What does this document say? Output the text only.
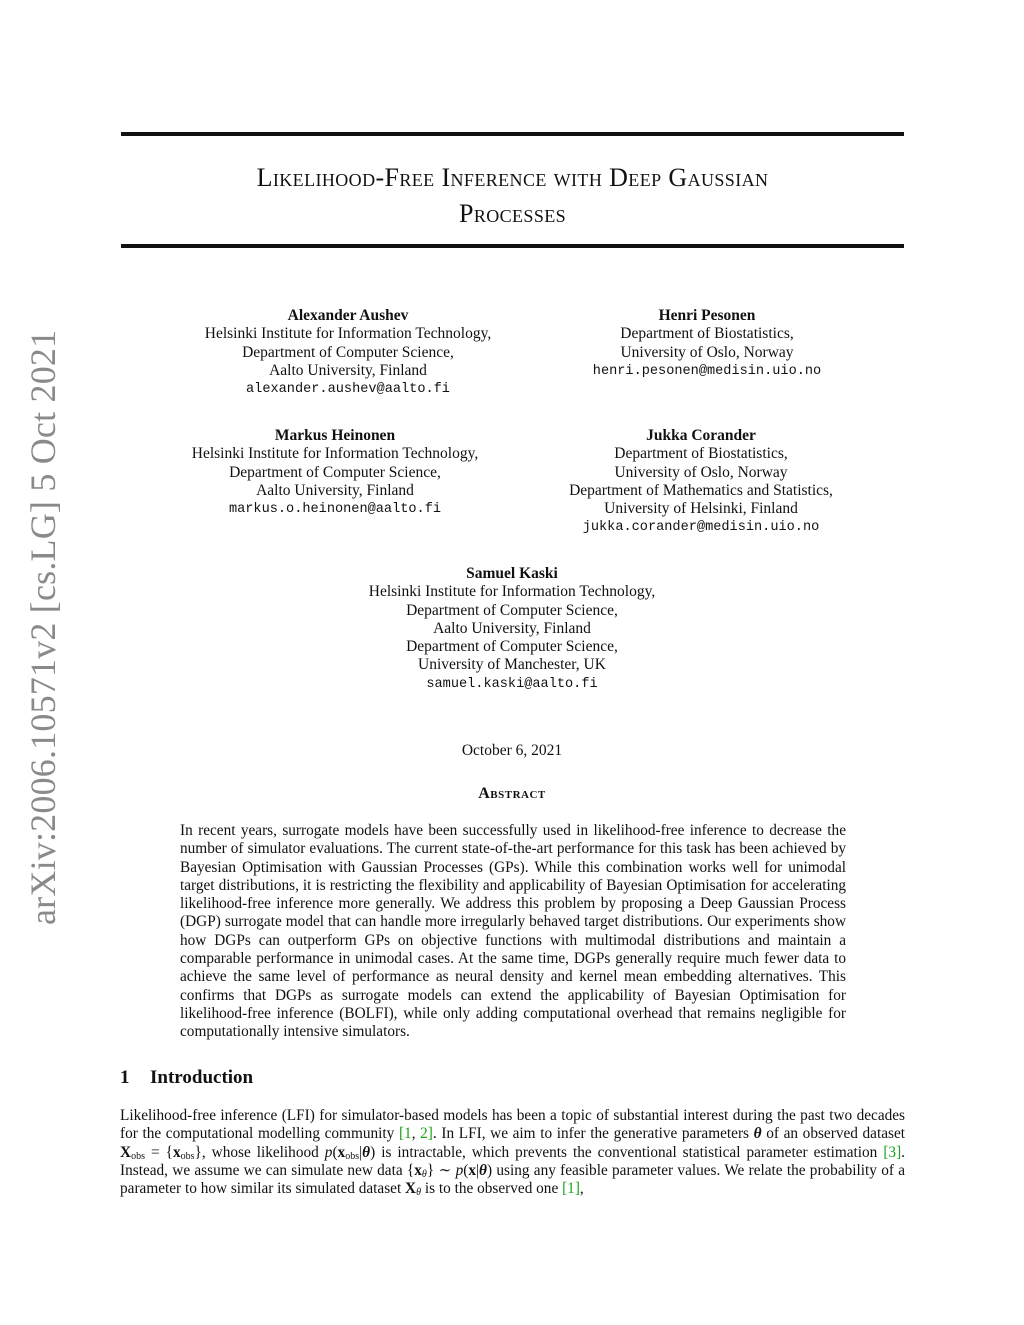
arXiv:2006.10571v2 [cs.LG] 5 Oct 2021
Likelihood-Free Inference with Deep Gaussian
Processes
Alexander Aushev
Helsinki Institute for Information Technology,
Department of Computer Science,
Aalto University, Finland
alexander.aushev@aalto.fi
Henri Pesonen
Department of Biostatistics,
University of Oslo, Norway
henri.pesonen@medisin.uio.no
Markus Heinonen
Helsinki Institute for Information Technology,
Department of Computer Science,
Aalto University, Finland
markus.o.heinonen@aalto.fi
Jukka Corander
Department of Biostatistics,
University of Oslo, Norway
Department of Mathematics and Statistics,
University of Helsinki, Finland
jukka.corander@medisin.uio.no
Samuel Kaski
Helsinki Institute for Information Technology,
Department of Computer Science,
Aalto University, Finland
Department of Computer Science,
University of Manchester, UK
samuel.kaski@aalto.fi
October 6, 2021
Abstract

In recent years, surrogate models have been successfully used in likelihood-free inference to decrease the number of simulator evaluations. The current state-of-the-art performance for this task has been achieved by Bayesian Optimisation with Gaussian Processes (GPs). While this combination works well for unimodal target distributions, it is restricting the flexibility and applicability of Bayesian Optimisation for accelerating likelihood-free inference more generally. We address this problem by proposing a Deep Gaussian Process (DGP) surrogate model that can handle more irregularly behaved target distributions. Our experiments show how DGPs can outperform GPs on objective functions with multimodal distributions and maintain a comparable performance in unimodal cases. At the same time, DGPs generally require much fewer data to achieve the same level of performance as neural density and kernel mean embedding alternatives. This confirms that DGPs as surrogate models can extend the applicability of Bayesian Optimisation for likelihood-free inference (BOLFI), while only adding computational overhead that remains negligible for computationally intensive simulators.

1 Introduction

Likelihood-free inference (LFI) for simulator-based models has been a topic of substantial interest during the past two decades for the computational modelling community [1, 2]. In LFI, we aim to infer the generative parameters θ of an observed dataset $X_{obs} = \{x_{obs}\}$, whose likelihood $p(x_{obs}|\theta)$ is intractable, which prevents the conventional statistical parameter estimation [3]. Instead, we assume we can simulate new data $\{x_\theta\}$ ∼ p(x|θ) using any feasible parameter values. We relate the probability of a parameter to how similar its simulated dataset $X_\theta$ is to the observed one [1],
